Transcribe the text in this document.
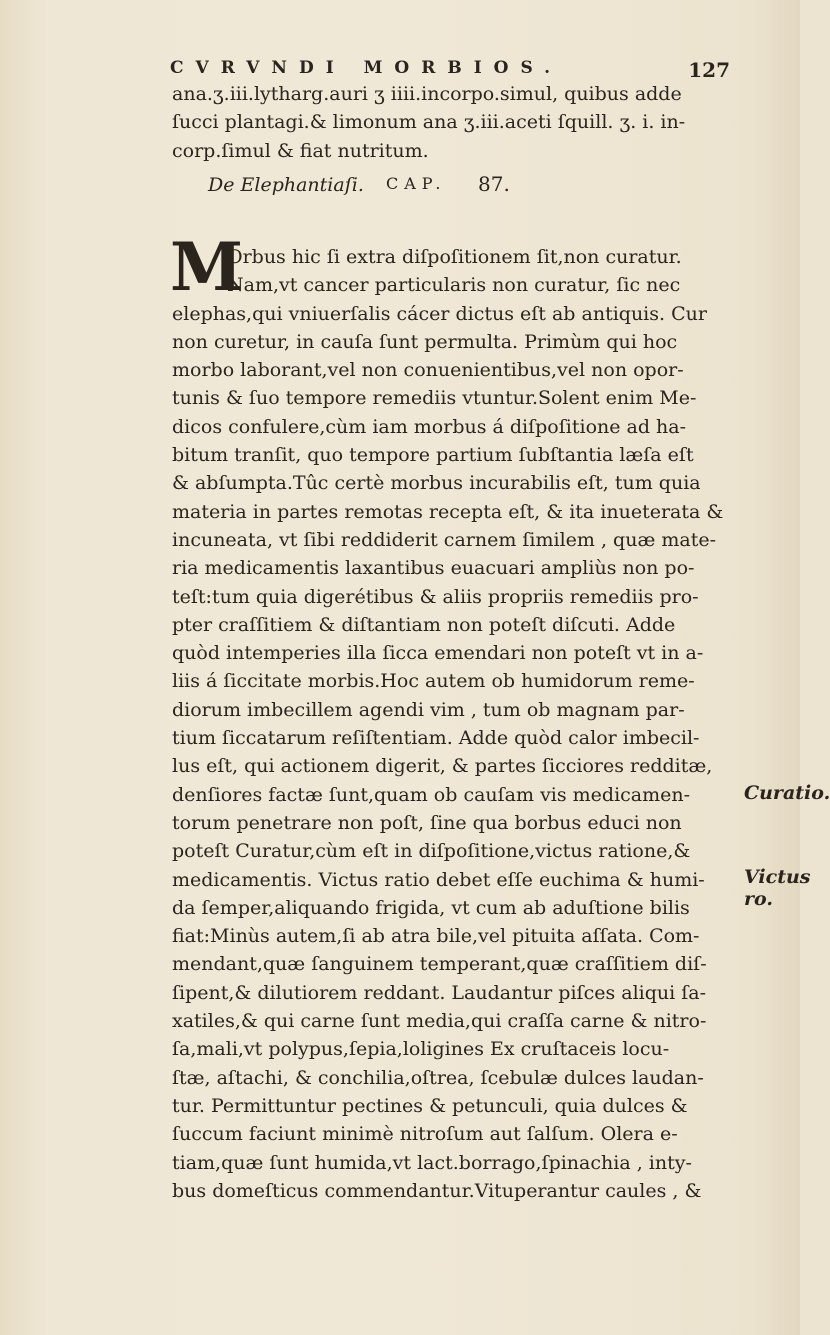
CVRVNDI MORBIOS.	127
ana.ʒ.iii.lytharg.auri ʒ iiii.incorpo.simul, quibus adde
ſucci plantagi.& limonum ana ʒ.iii.aceti ſquill. ʒ. i. in-
corp.ſimul & fiat nutritum.
De Elephantiaſi. CAP. 87.
M
Orbus hic ſi extra diſpoſitionem ſit,non curatur.
Nam,vt cancer particularis non curatur, ſic nec
elephas,qui vniuerſalis cácer dictus eſt ab antiquis. Cur
non curetur, in cauſa ſunt permulta. Primùm qui hoc
morbo laborant,vel non conuenientibus,vel non opor-
tunis & ſuo tempore remediis vtuntur.Solent enim Me-
dicos confulere,cùm iam morbus á diſpoſitione ad ha-
bitum tranſit, quo tempore partium ſubſtantia læſa eſt
& abſumpta.Tûc certè morbus incurabilis eſt, tum quia
materia in partes remotas recepta eſt, & ita inueterata &
incuneata, vt ſibi reddiderit carnem ſimilem , quæ mate-
ria medicamentis laxantibus euacuari ampliùs non po-
teſt:tum quia digerétibus & aliis propriis remediis pro-
pter craſſitiem & diſtantiam non poteſt diſcuti. Adde
quòd intemperies illa ſicca emendari non poteſt vt in a-
liis á ſiccitate morbis.Hoc autem ob humidorum reme-
diorum imbecillem agendi vim , tum ob magnam par-
tium ſiccatarum reſiſtentiam. Adde quòd calor imbecil-
lus eſt, qui actionem digerit, & partes ſicciores redditæ,
denſiores factæ ſunt,quam ob cauſam vis medicamen-
torum penetrare non poſt, ſine qua borbus educi non
poteſt Curatur,cùm eſt in diſpoſitione,victus ratione,&
medicamentis. Victus ratio debet eſſe euchima & humi-
da ſemper,aliquando frigida, vt cum ab aduſtione bilis
fiat:Minùs autem,ſi ab atra bile,vel pituita aſſata. Com-
mendant,quæ ſanguinem temperant,quæ craſſitiem diſ-
ſipent,& dilutiorem reddant. Laudantur piſces aliqui ſa-
xatiles,& qui carne ſunt media,qui craſſa carne & nitro-
ſa,mali,vt polypus,ſepia,loligines Ex cruſtaceis locu-
ſtæ, aſtachi, & conchilia,oſtrea, ſcebulæ dulces laudan-
tur. Permittuntur pectines & petunculi, quia dulces &
ſuccum faciunt minimè nitroſum aut ſalſum. Olera e-
tiam,quæ ſunt humida,vt lact.borrago,ſpinachia , inty-
bus domeſticus commendantur.Vituperantur caules , &
Curatio.
Victus ro.
